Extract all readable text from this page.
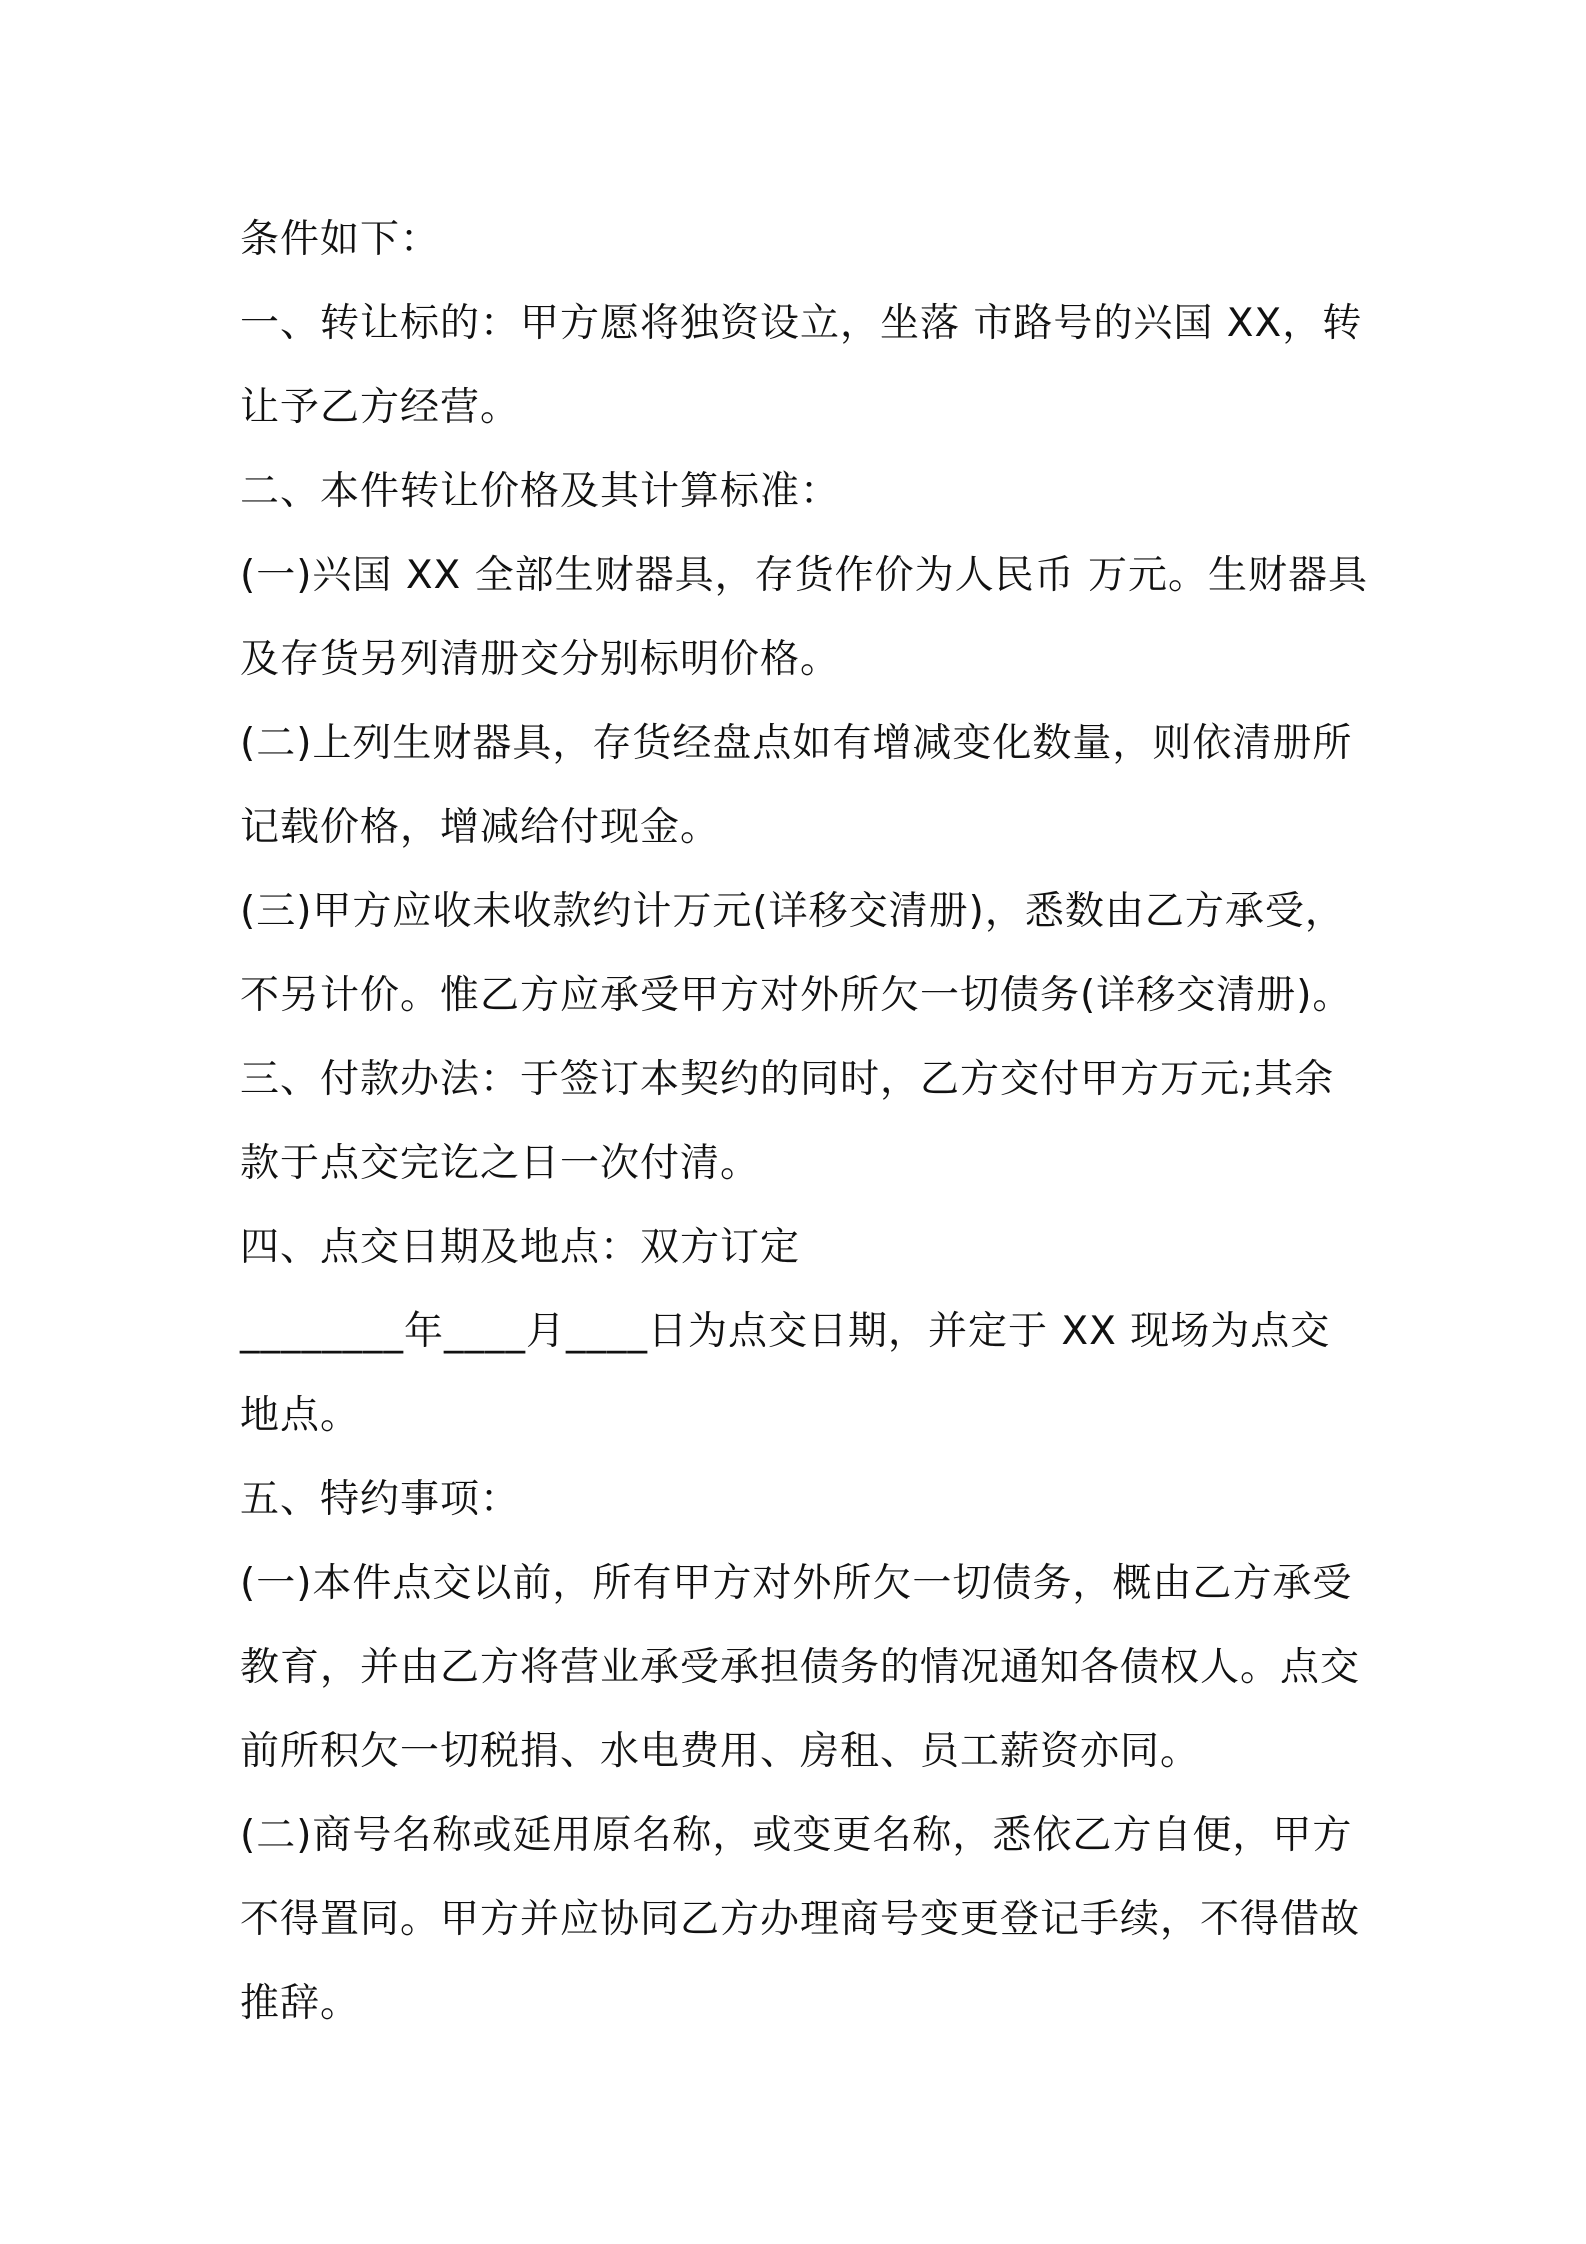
条件如下：

一、转让标的：甲方愿将独资设立，坐落 市路号的兴国 XX，转
让予乙方经营。

二、本件转让价格及其计算标准：

(一)兴国 XX 全部生财器具，存货作价为人民币 万元。生财器具
及存货另列清册交分别标明价格。

(二)上列生财器具，存货经盘点如有增减变化数量，则依清册所
记载价格，增减给付现金。

(三)甲方应收未收款约计万元(详移交清册)，悉数由乙方承受，
不另计价。惟乙方应承受甲方对外所欠一切债务(详移交清册)。

三、付款办法：于签订本契约的同时，乙方交付甲方万元;其余
款于点交完讫之日一次付清。

四、点交日期及地点：双方订定

________年____月____日为点交日期，并定于 XX 现场为点交
地点。

五、特约事项：

(一)本件点交以前，所有甲方对外所欠一切债务，概由乙方承受
教育，并由乙方将营业承受承担债务的情况通知各债权人。点交
前所积欠一切税捐、水电费用、房租、员工薪资亦同。

(二)商号名称或延用原名称，或变更名称，悉依乙方自便，甲方
不得置同。甲方并应协同乙方办理商号变更登记手续，不得借故
推辞。
